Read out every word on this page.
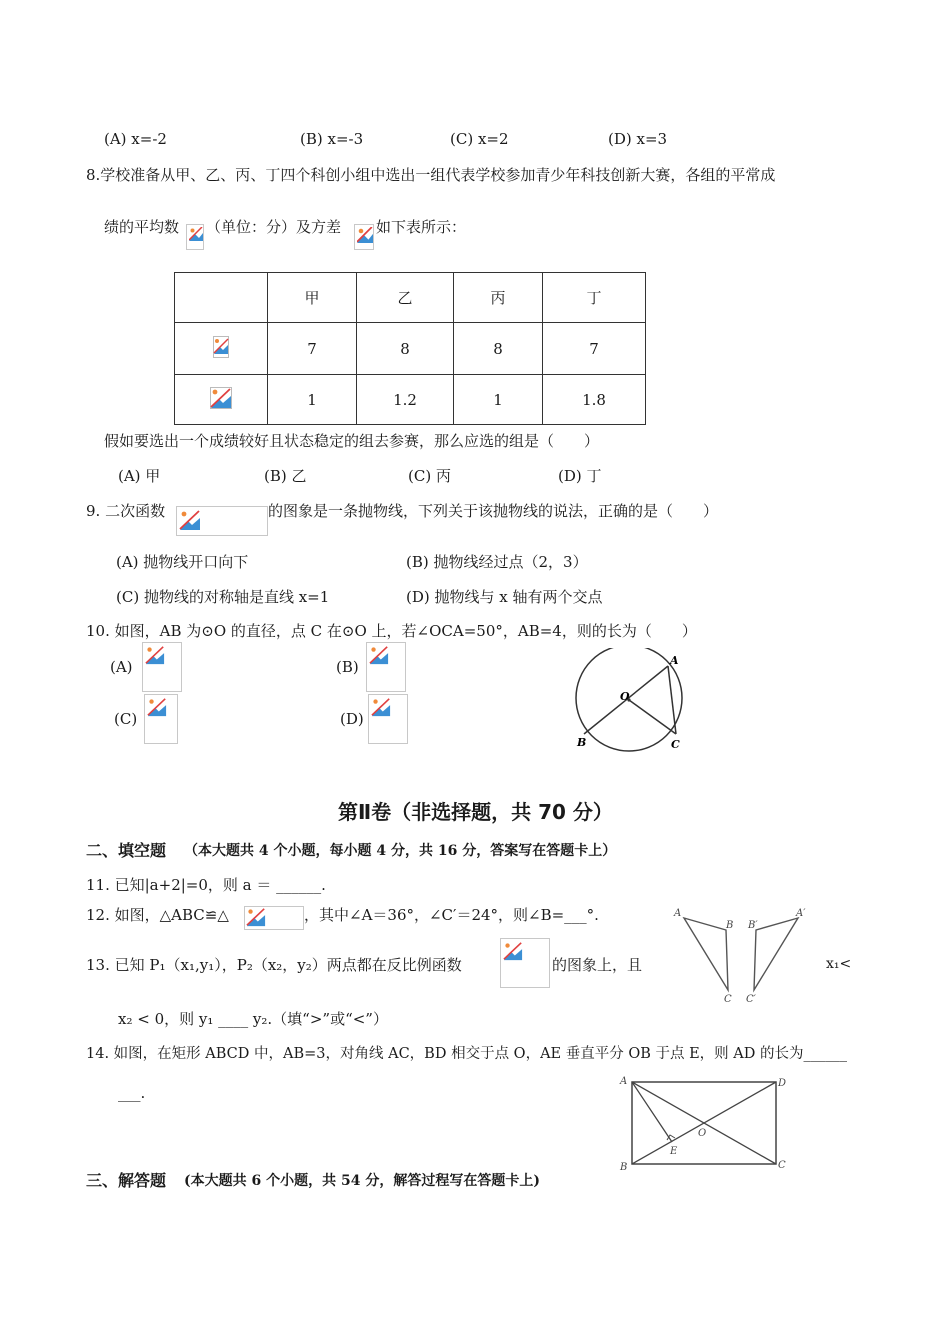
(A) x=-2	(B) x=-3	(C) x=2	(D) x=3
8.学校准备从甲、乙、丙、丁四个科创小组中选出一组代表学校参加青少年科技创新大赛，各组的平常成
绩的平均数 （单位：分）及方差 如下表所示：
	甲	乙	丙	丁
	7	8	8	7
	1	1.2	1	1.8
假如要选出一个成绩较好且状态稳定的组去参赛，那么应选的组是（　　）
(A) 甲	(B) 乙	(C) 丙	(D) 丁
9. 二次函数	的图象是一条抛物线，下列关于该抛物线的说法，正确的是（　　）
(A) 抛物线开口向下	(B) 抛物线经过点（2，3）
(C) 抛物线的对称轴是直线 x=1	(D) 抛物线与 x 轴有两个交点
10. 如图，AB 为⊙O 的直径，点 C 在⊙O 上，若∠OCA=50°，AB=4，则的长为（　　）
(A)	(B)
(C)	(D)
A
O
B	C
第Ⅱ卷（非选择题，共 70 分）
二、填空题 （本大题共 4 个小题，每小题 4 分，共 16 分，答案写在答题卡上）
11. 已知|a+2|=0，则 a ＝ ______.
12. 如图，△ABC≌△	，其中∠A＝36°，∠C′＝24°，则∠B=___°.	A
B B′
A′
C C′
13. 已知 P₁（x₁,y₁），P₂（x₂，y₂）两点都在反比例函数	的图象上，且	x₁<
x₂ < 0，则 y₁ ____ y₂.（填“>”或“<”）
14. 如图，在矩形 ABCD 中，AB=3，对角线 AC，BD 相交于点 O，AE 垂直平分 OB 于点 E，则 AD 的长为______
___.
A	D
B	C
O
E
三、解答题 (本大题共 6 个小题，共 54 分，解答过程写在答题卡上)
